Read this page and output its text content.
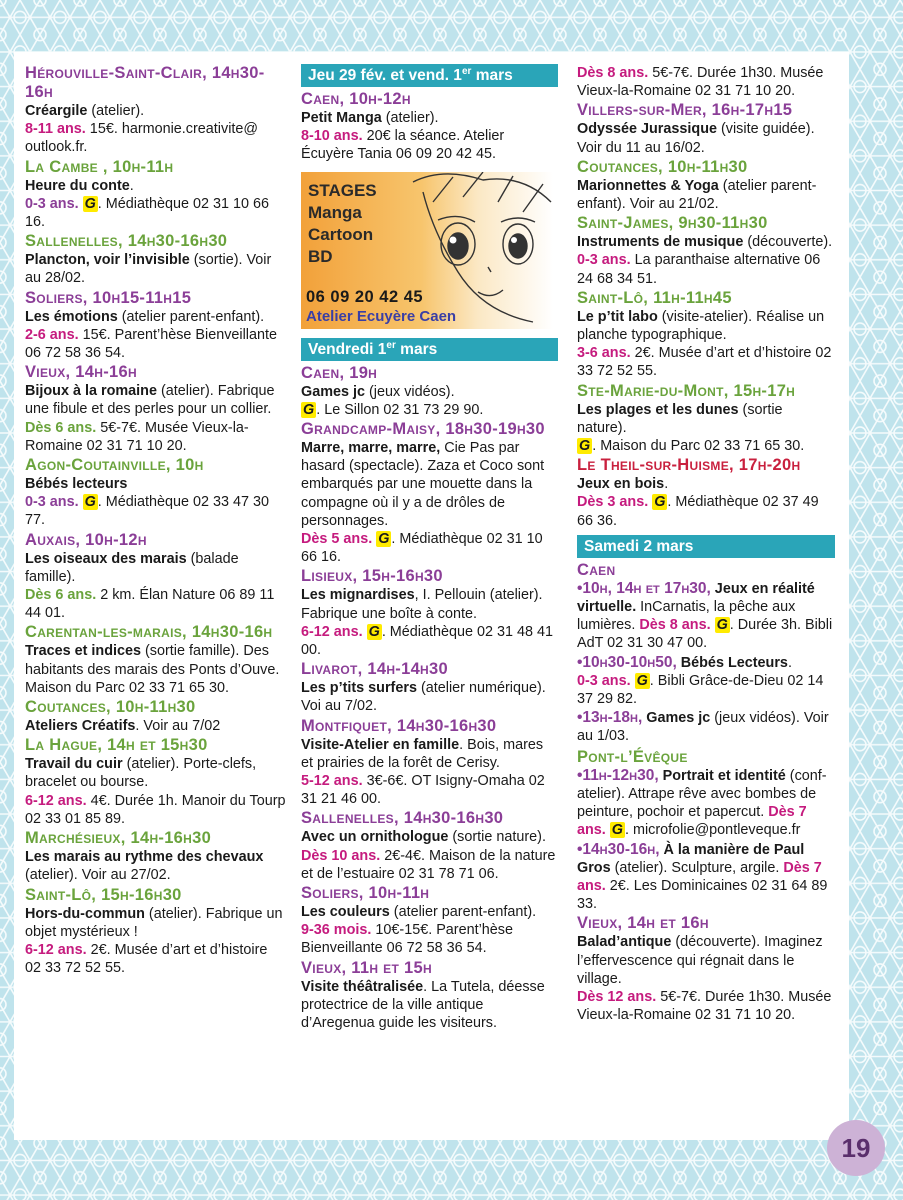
Hérouville-Saint-Clair, 14h30-16h
Créargile (atelier).
8-11 ans. 15€. harmonie.creativite@ outlook.fr.
La Cambe , 10h-11h
Heure du conte.
0-3 ans. G . Médiathèque 02 31 10 66 16.
Sallenelles, 14h30-16h30
Plancton, voir l’invisible (sortie). Voir au 28/02.
Soliers, 10h15-11h15
Les émotions (atelier parent-enfant).
2-6 ans. 15€. Parent’hèse Bienveillante 06 72 58 36 54.
Vieux, 14h-16h
Bijoux à la romaine (atelier). Fabrique une fibule et des perles pour un collier.
Dès 6 ans. 5€-7€. Musée Vieux-la-Romaine 02 31 71 10 20.
Agon-Coutainville, 10h
Bébés lecteurs
0-3 ans. G . Médiathèque 02 33 47 30 77.
Auxais, 10h-12h
Les oiseaux des marais (balade famille).
Dès 6 ans. 2 km. Élan Nature 06 89 11 44 01.
Carentan-les-marais, 14h30-16h
Traces et indices (sortie famille). Des habitants des marais des Ponts d’Ouve. Maison du Parc 02 33 71 65 30.
Coutances, 10h-11h30
Ateliers Créatifs. Voir au 7/02
La Hague, 14h et 15h30
Travail du cuir (atelier). Porte-clefs, bracelet ou bourse.
6-12 ans. 4€. Durée 1h. Manoir du Tourp 02 33 01 85 89.
Marchésieux, 14h-16h30
Les marais au rythme des chevaux (atelier). Voir au 27/02.
Saint-Lô, 15h-16h30
Hors-du-commun (atelier). Fabrique un objet mystérieux !
6-12 ans. 2€. Musée d’art et d’histoire 02 33 72 52 55.
Jeu 29 fév. et vend. 1er mars
Caen, 10h-12h
Petit Manga (atelier).
8-10 ans. 20€ la séance. Atelier Écuyère Tania 06 09 20 42 45.
STAGES
Manga
Cartoon
BD
06 09 20 42 45
Atelier Ecuyère Caen
Vendredi 1er mars
Caen, 19h
Games jc (jeux vidéos).
G . Le Sillon 02 31 73 29 90.
Grandcamp-Maisy, 18h30-19h30
Marre, marre, marre, Cie Pas par hasard (spectacle). Zaza et Coco sont embarqués par une mouette dans la compagne où il y a de drôles de personnages.
Dès 5 ans. G . Médiathèque 02 31 10 66 16.
Lisieux, 15h-16h30
Les mignardises, I. Pellouin (atelier). Fabrique une boîte à conte.
6-12 ans. G . Médiathèque 02 31 48 41 00.
Livarot, 14h-14h30
Les p’tits surfers (atelier numérique). Voi au 7/02.
Montfiquet, 14h30-16h30
Visite-Atelier en famille. Bois, mares et prairies de la forêt de Cerisy.
5-12 ans. 3€-6€. OT Isigny-Omaha 02 31 21 46 00.
Sallenelles, 14h30-16h30
Avec un ornithologue (sortie nature).
Dès 10 ans. 2€-4€. Maison de la nature et de l’estuaire 02 31 78 71 06.
Soliers, 10h-11h
Les couleurs (atelier parent-enfant).
9-36 mois. 10€-15€. Parent’hèse Bienveillante 06 72 58 36 54.
Vieux, 11h et 15h
Visite théâtralisée. La Tutela, déesse protectrice de la ville antique d’Aregenua guide les visiteurs.
Dès 8 ans. 5€-7€. Durée 1h30. Musée Vieux-la-Romaine 02 31 71 10 20.
Villers-sur-Mer, 16h-17h15
Odyssée Jurassique (visite guidée). Voir du 11 au 16/02.
Coutances, 10h-11h30
Marionnettes & Yoga (atelier parent-enfant). Voir au 21/02.
Saint-James, 9h30-11h30
Instruments de musique (découverte).
0-3 ans. La paranthaise alternative 06 24 68 34 51.
Saint-Lô, 11h-11h45
Le p’tit labo (visite-atelier). Réalise un planche typographique.
3-6 ans. 2€. Musée d’art et d’histoire 02 33 72 52 55.
Ste-Marie-du-Mont, 15h-17h
Les plages et les dunes (sortie nature).
G . Maison du Parc 02 33 71 65 30.
Le Theil-sur-Huisme, 17h-20h
Jeux en bois.
Dès 3 ans. G . Médiathèque 02 37 49 66 36.
Samedi 2 mars
Caen
•10h, 14h et 17h30, Jeux en réalité virtuelle. InCarnatis, la pêche aux lumières. Dès 8 ans. G . Durée 3h. Bibli AdT 02 31 30 47 00.
•10h30-10h50, Bébés Lecteurs.
0-3 ans. G . Bibli Grâce-de-Dieu 02 14 37 29 82.
•13h-18h, Games jc (jeux vidéos). Voir au 1/03.
Pont-l’Évêque
•11h-12h30, Portrait et identité (conf-atelier). Attrape rêve avec bombes de peinture, pochoir et papercut. Dès 7 ans. G . microfolie@pontleveque.fr
•14h30-16h, À la manière de Paul Gros (atelier). Sculpture, argile. Dès 7 ans. 2€. Les Dominicaines 02 31 64 89 33.
Vieux, 14h et 16h
Balad’antique (découverte). Imaginez l’effervescence qui régnait dans le village.
Dès 12 ans. 5€-7€. Durée 1h30. Musée Vieux-la-Romaine 02 31 71 10 20.
19
